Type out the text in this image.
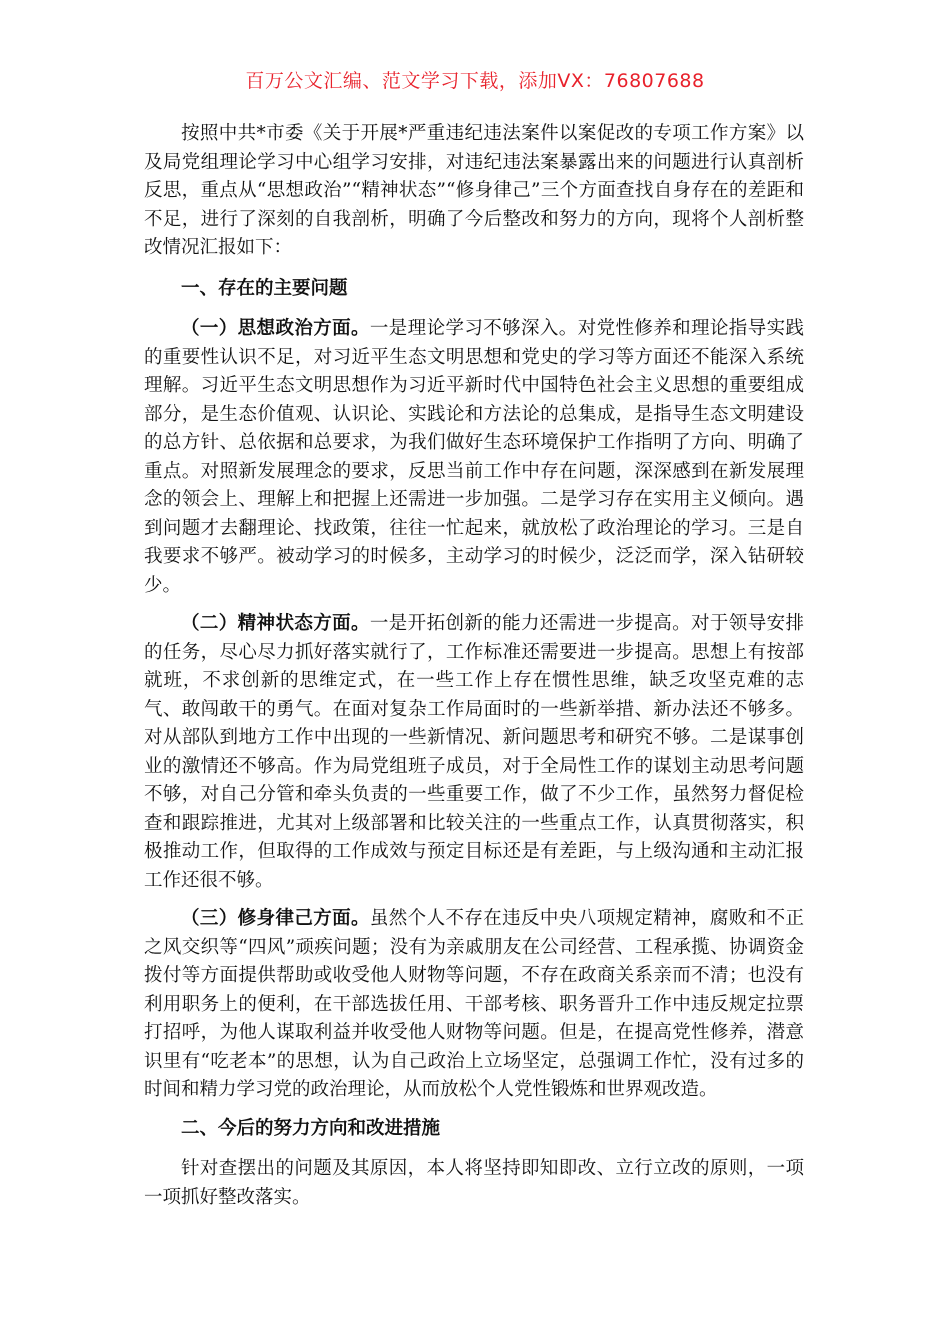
百万公文汇编、范文学习下载，添加VX：76807688

按照中共*市委《关于开展*严重违纪违法案件以案促改的专项工作方案》以及局党组理论学习中心组学习安排，对违纪违法案暴露出来的问题进行认真剖析反思，重点从“思想政治”“精神状态”“修身律己”三个方面查找自身存在的差距和不足，进行了深刻的自我剖析，明确了今后整改和努力的方向，现将个人剖析整改情况汇报如下：

一、存在的主要问题

（一）思想政治方面。一是理论学习不够深入。对党性修养和理论指导实践的重要性认识不足，对习近平生态文明思想和党史的学习等方面还不能深入系统理解。习近平生态文明思想作为习近平新时代中国特色社会主义思想的重要组成部分，是生态价值观、认识论、实践论和方法论的总集成，是指导生态文明建设的总方针、总依据和总要求，为我们做好生态环境保护工作指明了方向、明确了重点。对照新发展理念的要求，反思当前工作中存在问题，深深感到在新发展理念的领会上、理解上和把握上还需进一步加强。二是学习存在实用主义倾向。遇到问题才去翻理论、找政策，往往一忙起来，就放松了政治理论的学习。三是自我要求不够严。被动学习的时候多，主动学习的时候少，泛泛而学，深入钻研较少。

（二）精神状态方面。一是开拓创新的能力还需进一步提高。对于领导安排的任务，尽心尽力抓好落实就行了，工作标准还需要进一步提高。思想上有按部就班，不求创新的思维定式，在一些工作上存在惯性思维，缺乏攻坚克难的志气、敢闯敢干的勇气。在面对复杂工作局面时的一些新举措、新办法还不够多。对从部队到地方工作中出现的一些新情况、新问题思考和研究不够。二是谋事创业的激情还不够高。作为局党组班子成员，对于全局性工作的谋划主动思考问题不够，对自己分管和牵头负责的一些重要工作，做了不少工作，虽然努力督促检查和跟踪推进，尤其对上级部署和比较关注的一些重点工作，认真贯彻落实，积极推动工作，但取得的工作成效与预定目标还是有差距，与上级沟通和主动汇报工作还很不够。

（三）修身律己方面。虽然个人不存在违反中央八项规定精神，腐败和不正之风交织等“四风”顽疾问题；没有为亲戚朋友在公司经营、工程承揽、协调资金拨付等方面提供帮助或收受他人财物等问题，不存在政商关系亲而不清；也没有利用职务上的便利，在干部选拔任用、干部考核、职务晋升工作中违反规定拉票打招呼，为他人谋取利益并收受他人财物等问题。但是，在提高党性修养，潜意识里有“吃老本”的思想，认为自己政治上立场坚定，总强调工作忙，没有过多的时间和精力学习党的政治理论，从而放松个人党性锻炼和世界观改造。

二、今后的努力方向和改进措施

针对查摆出的问题及其原因，本人将坚持即知即改、立行立改的原则，一项一项抓好整改落实。
